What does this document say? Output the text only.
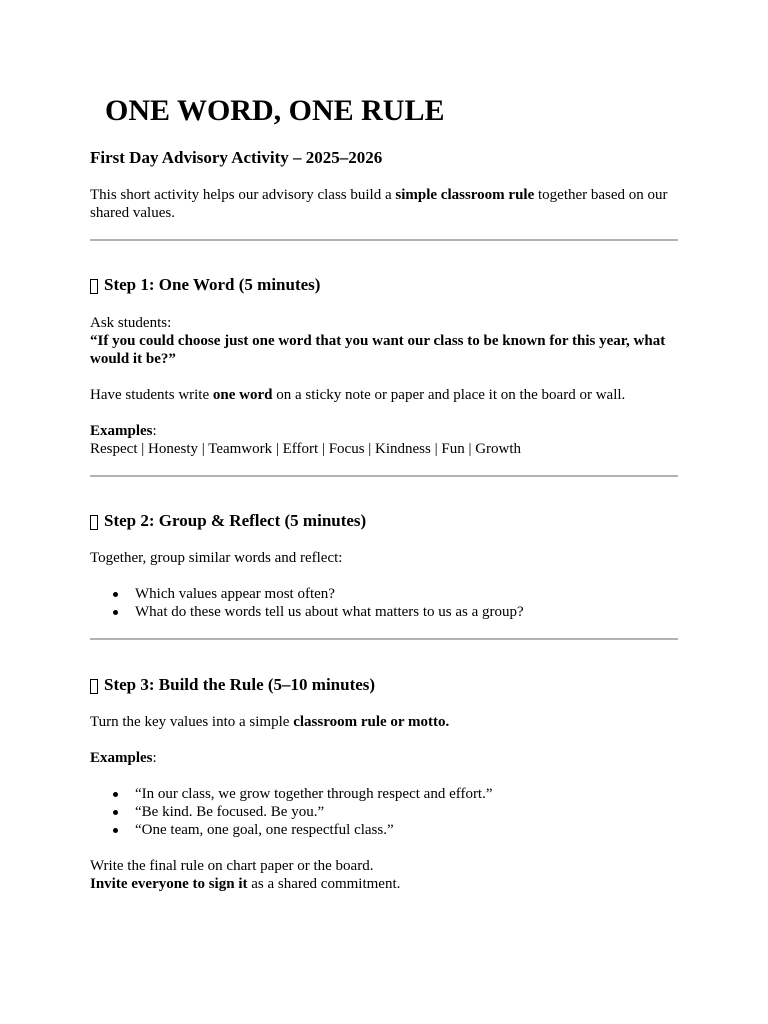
ONE WORD, ONE RULE
First Day Advisory Activity – 2025–2026

This short activity helps our advisory class build a simple classroom rule together based on our shared values.

Step 1: One Word (5 minutes)

Ask students:

“If you could choose just one word that you want our class to be known for this year, what would it be?”

Have students write one word on a sticky note or paper and place it on the board or wall.

Examples:

Respect | Honesty | Teamwork | Effort | Focus | Kindness | Fun | Growth

Step 2: Group & Reflect (5 minutes)

Together, group similar words and reflect:

Which values appear most often?
What do these words tell us about what matters to us as a group?
Step 3: Build the Rule (5–10 minutes)

Turn the key values into a simple classroom rule or motto.

Examples:

“In our class, we grow together through respect and effort.”
“Be kind. Be focused. Be you.”
“One team, one goal, one respectful class.”

Write the final rule on chart paper or the board.

Invite everyone to sign it as a shared commitment.
